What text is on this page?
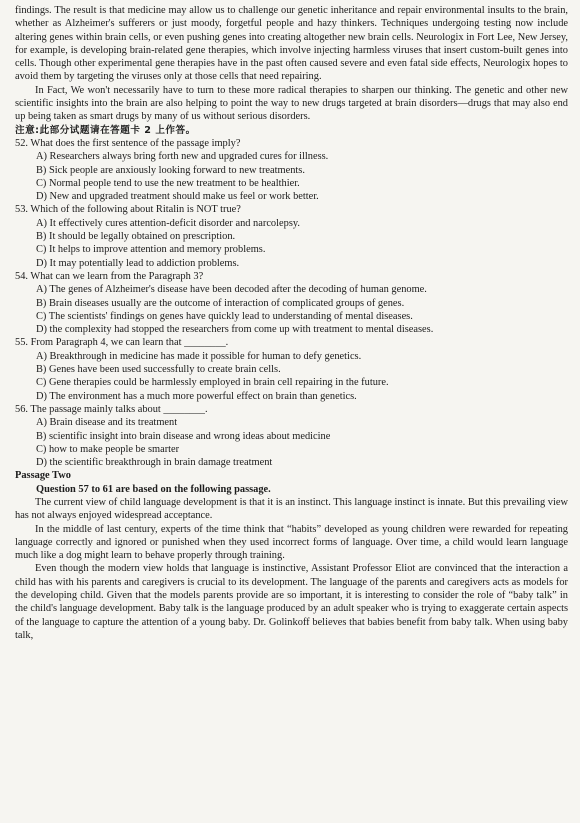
findings. The result is that medicine may allow us to challenge our genetic inheritance and repair environmental insults to the brain, whether as Alzheimer's sufferers or just moody, forgetful people and hazy thinkers. Techniques undergoing testing now include altering genes within brain cells, or even pushing genes into creating altogether new brain cells. Neurologix in Fort Lee, New Jersey, for example, is developing brain-related gene therapies, which involve injecting harmless viruses that insert custom-built genes into cells. Though other experimental gene therapies have in the past often caused severe and even fatal side effects, Neurologix hopes to avoid them by targeting the viruses only at those cells that need repairing.

In Fact, We won't necessarily have to turn to these more radical therapies to sharpen our thinking. The genetic and other new scientific insights into the brain are also helping to point the way to new drugs targeted at brain disorders—drugs that may also end up being taken as smart drugs by many of us without serious disorders.

注意:此部分试题请在答题卡 2 上作答。

52. What does the first sentence of the passage imply?

A) Researchers always bring forth new and upgraded cures for illness.

B) Sick people are anxiously looking forward to new treatments.

C) Normal people tend to use the new treatment to be healthier.

D) New and upgraded treatment should make us feel or work better.

53. Which of the following about Ritalin is NOT true?

A) It effectively cures attention-deficit disorder and narcolepsy.

B) It should be legally obtained on prescription.

C) It helps to improve attention and memory problems.

D) It may potentially lead to addiction problems.

54. What can we learn from the Paragraph 3?

A) The genes of Alzheimer's disease have been decoded after the decoding of human genome.

B) Brain diseases usually are the outcome of interaction of complicated groups of genes.

C) The scientists' findings on genes have quickly lead to understanding of mental diseases.

D) the complexity had stopped the researchers from come up with treatment to mental diseases.

55. From Paragraph 4, we can learn that ________.

A) Breakthrough in medicine has made it possible for human to defy genetics.

B) Genes have been used successfully to create brain cells.

C) Gene therapies could be harmlessly employed in brain cell repairing in the future.

D) The environment has a much more powerful effect on brain than genetics.

56. The passage mainly talks about ________.

A) Brain disease and its treatment

B) scientific insight into brain disease and wrong ideas about medicine

C) how to make people be smarter

D) the scientific breakthrough in brain damage treatment

Passage Two

Question 57 to 61 are based on the following passage.

The current view of child language development is that it is an instinct. This language instinct is innate. But this prevailing view has not always enjoyed widespread acceptance.

In the middle of last century, experts of the time think that “habits” developed as young children were rewarded for repeating language correctly and ignored or punished when they used incorrect forms of language. Over time, a child would learn language much like a dog might learn to behave properly through training.

Even though the modern view holds that language is instinctive, Assistant Professor Eliot are convinced that the interaction a child has with his parents and caregivers is crucial to its development. The language of the parents and caregivers acts as models for the developing child. Given that the models parents provide are so important, it is interesting to consider the role of “baby talk” in the child's language development. Baby talk is the language produced by an adult speaker who is trying to exaggerate certain aspects of the language to capture the attention of a young baby. Dr. Golinkoff believes that babies benefit from baby talk. When using baby talk,
